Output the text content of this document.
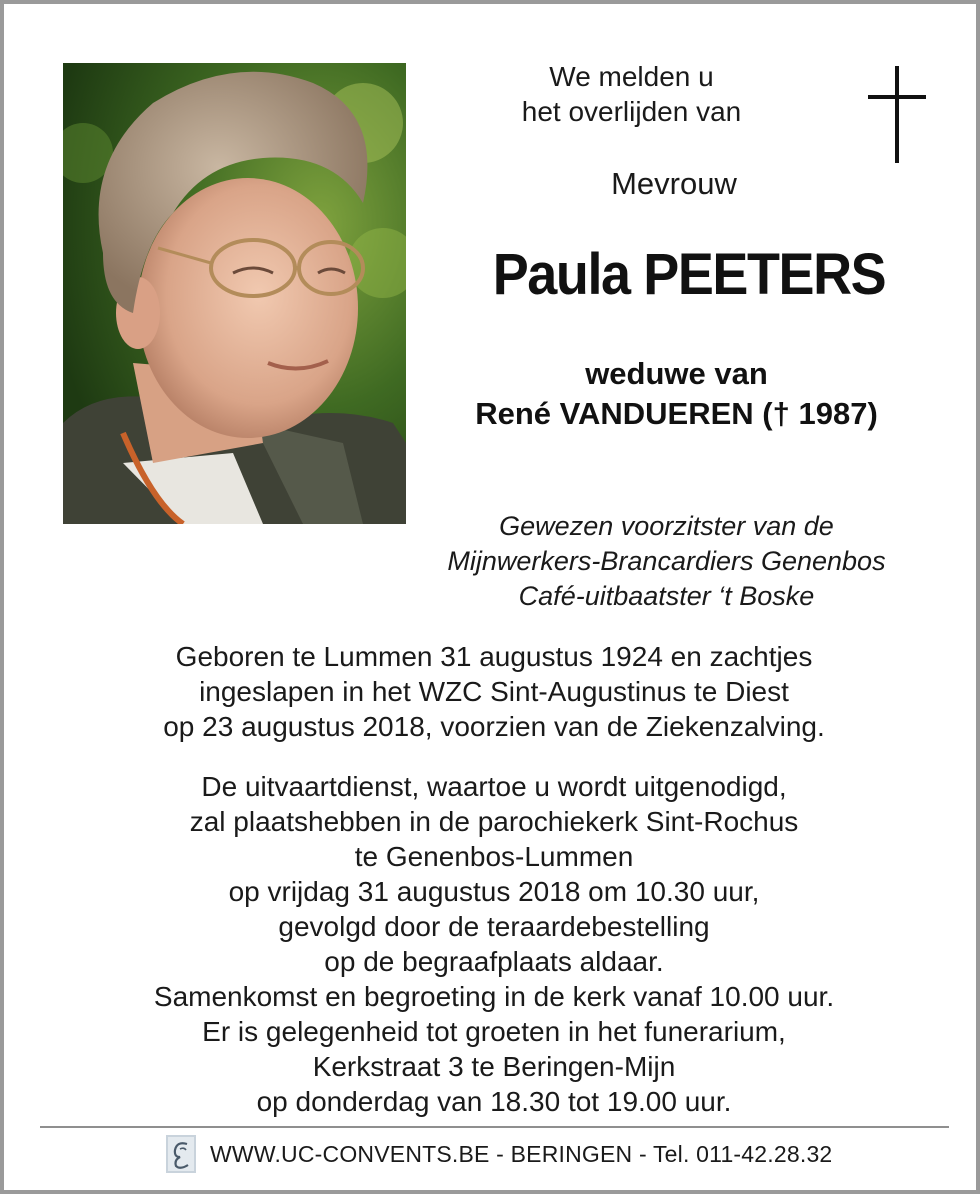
We melden u
het overlijden van
Mevrouw
Paula PEETERS
weduwe van
René VANDUEREN († 1987)
Gewezen voorzitster van de
Mijnwerkers-Brancardiers Genenbos
Café-uitbaatster ‘t Boske
Geboren te Lummen 31 augustus 1924 en zachtjes
ingeslapen in het WZC Sint-Augustinus te Diest
op 23 augustus 2018, voorzien van de Ziekenzalving.
De uitvaartdienst, waartoe u wordt uitgenodigd,
zal plaatshebben in de parochiekerk Sint-Rochus
te Genenbos-Lummen
op vrijdag 31 augustus 2018 om 10.30 uur,
gevolgd door de teraardebestelling
op de begraafplaats aldaar.
Samenkomst en begroeting in de kerk vanaf 10.00 uur.
Er is gelegenheid tot groeten in het funerarium,
Kerkstraat 3 te Beringen-Mijn
op donderdag van 18.30 tot 19.00 uur.
WWW.UC-CONVENTS.BE - BERINGEN - Tel. 011-42.28.32
